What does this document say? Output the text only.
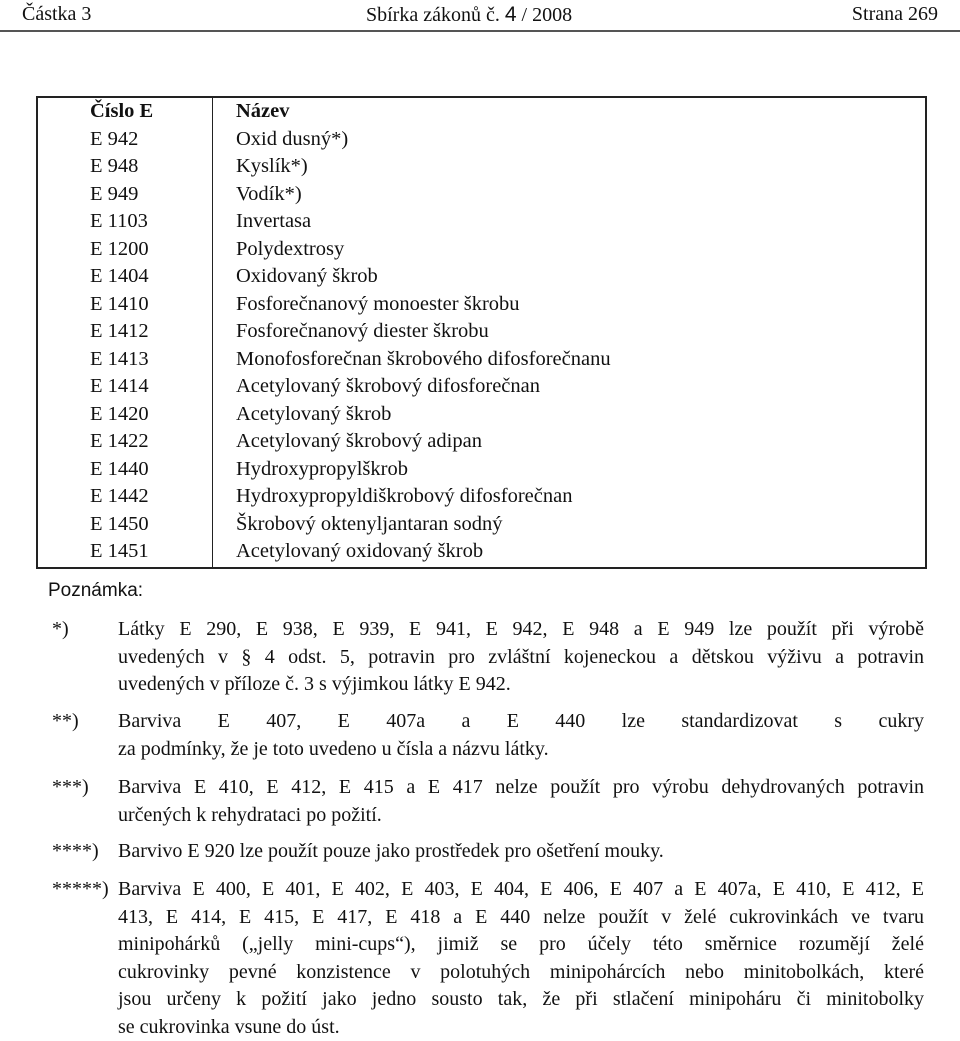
Částka 3	Sbírka zákonů č. 4 / 2008	Strana 269
Číslo E	Název
E 942	Oxid dusný*)
E 948	Kyslík*)
E 949	Vodík*)
E 1103	Invertasa
E 1200	Polydextrosy
E 1404	Oxidovaný škrob
E 1410	Fosforečnanový monoester škrobu
E 1412	Fosforečnanový diester škrobu
E 1413	Monofosforečnan škrobového difosforečnanu
E 1414	Acetylovaný škrobový difosforečnan
E 1420	Acetylovaný škrob
E 1422	Acetylovaný škrobový adipan
E 1440	Hydroxypropylškrob
E 1442	Hydroxypropyldiškrobový difosforečnan
E 1450	Škrobový oktenyljantaran sodný
E 1451	Acetylovaný oxidovaný škrob
Poznámka:
*) Látky E 290, E 938, E 939, E 941, E 942, E 948 a E 949 lze použít při výrobě
uvedených v § 4 odst. 5, potravin pro zvláštní kojeneckou a dětskou výživu a potravin
uvedených v příloze č. 3 s výjimkou látky E 942.
**) Barviva E 407, E 407a a E 440 lze standardizovat s cukry
za podmínky, že je toto uvedeno u čísla a názvu látky.
***) Barviva E 410, E 412, E 415 a E 417 nelze použít pro výrobu dehydrovaných potravin
určených k rehydrataci po požití.
****) Barvivo E 920 lze použít pouze jako prostředek pro ošetření mouky.
*****) Barviva E 400, E 401, E 402, E 403, E 404, E 406, E 407 a E 407a, E 410, E 412, E
413, E 414, E 415, E 417, E 418 a E 440 nelze použít v želé cukrovinkách ve tvaru
minipohárků („jelly mini-cups“), jimiž se pro účely této směrnice rozumějí želé
cukrovinky pevné konzistence v polotuhých minipohárcích nebo minitobolkách, které
jsou určeny k požití jako jedno sousto tak, že při stlačení minipoháru či minitobolky
se cukrovinka vsune do úst.
